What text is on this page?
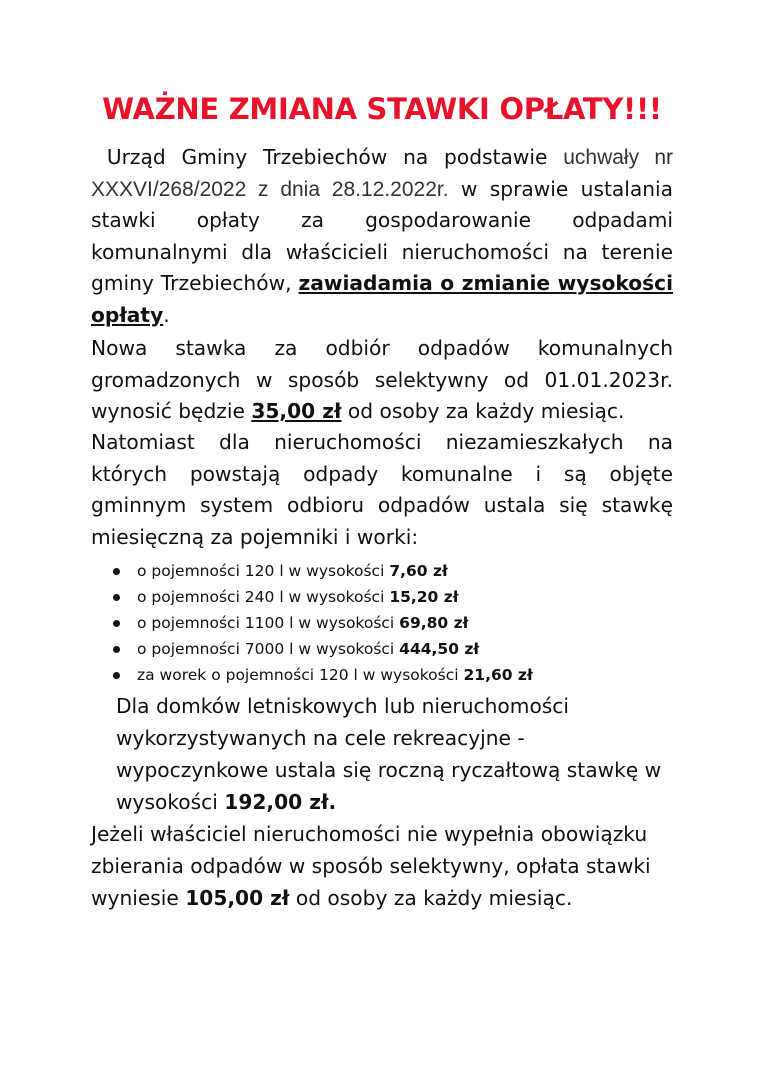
WAŻNE ZMIANA STAWKI OPŁATY!!!
Urząd Gminy Trzebiechów na podstawie uchwały nr XXXVI/268/2022 z dnia 28.12.2022r. w sprawie ustalania stawki opłaty za gospodarowanie odpadami komunalnymi dla właścicieli nieruchomości na terenie gminy Trzebiechów, zawiadamia o zmianie wysokości opłaty.
Nowa stawka za odbiór odpadów komunalnych gromadzonych w sposób selektywny od 01.01.2023r. wynosić będzie 35,00 zł od osoby za każdy miesiąc.
Natomiast dla nieruchomości niezamieszkałych na których powstają odpady komunalne i są objęte gminnym system odbioru odpadów ustala się stawkę miesięczną za pojemniki i worki:
o pojemności 120 l w wysokości 7,60 zł
o pojemności 240 l w wysokości 15,20 zł
o pojemności 1100 l w wysokości 69,80 zł
o pojemności 7000 l w wysokości 444,50 zł
za worek o pojemności 120 l w wysokości 21,60 zł
Dla domków letniskowych lub nieruchomości wykorzystywanych na cele rekreacyjne - wypoczynkowe ustala się roczną ryczałtową stawkę w wysokości 192,00 zł.
Jeżeli właściciel nieruchomości nie wypełnia obowiązku zbierania odpadów w sposób selektywny, opłata stawki wyniesie 105,00 zł od osoby za każdy miesiąc.
